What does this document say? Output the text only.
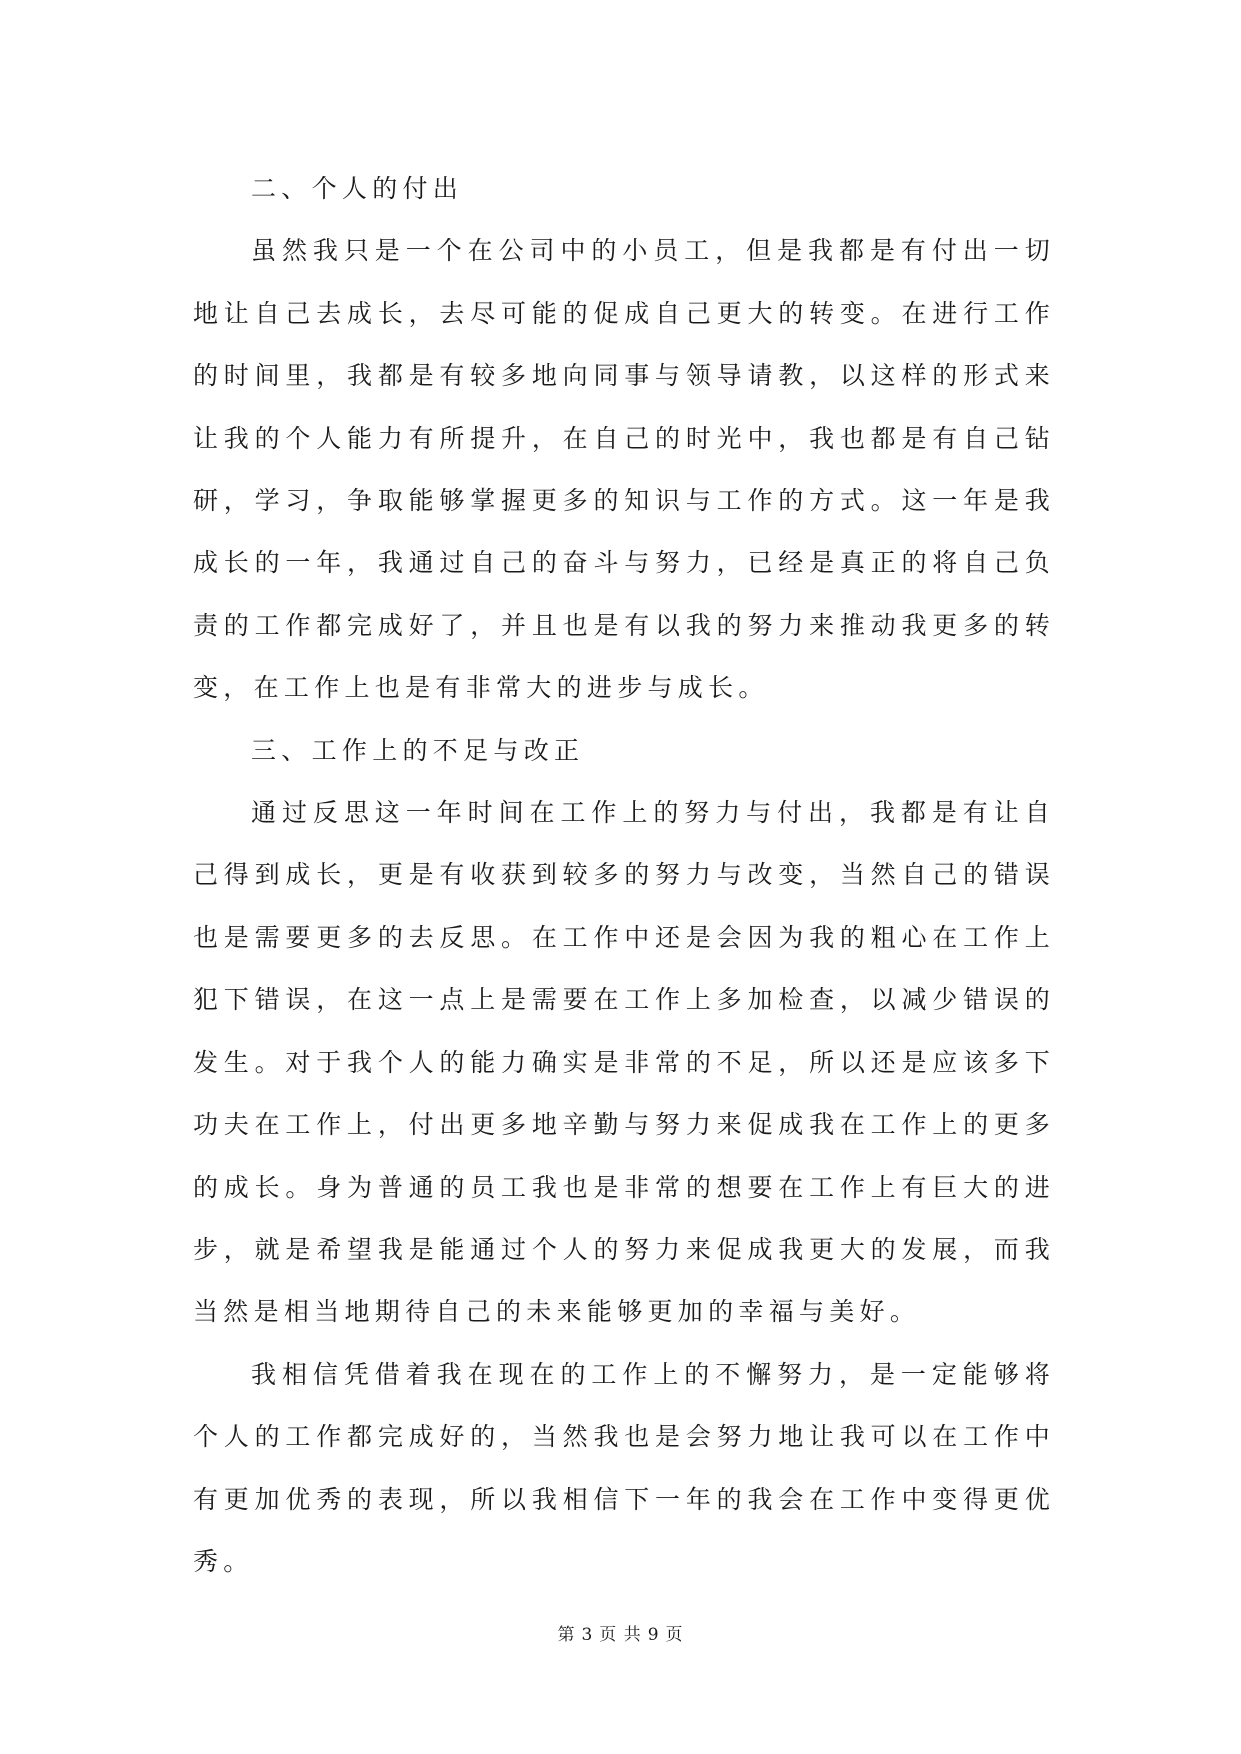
二、个人的付出

虽然我只是一个在公司中的小员工，但是我都是有付出一切地让自己去成长，去尽可能的促成自己更大的转变。在进行工作的时间里，我都是有较多地向同事与领导请教，以这样的形式来让我的个人能力有所提升，在自己的时光中，我也都是有自己钻研，学习，争取能够掌握更多的知识与工作的方式。这一年是我成长的一年，我通过自己的奋斗与努力，已经是真正的将自己负责的工作都完成好了，并且也是有以我的努力来推动我更多的转变，在工作上也是有非常大的进步与成长。

三、工作上的不足与改正

通过反思这一年时间在工作上的努力与付出，我都是有让自己得到成长，更是有收获到较多的努力与改变，当然自己的错误也是需要更多的去反思。在工作中还是会因为我的粗心在工作上犯下错误，在这一点上是需要在工作上多加检查，以减少错误的发生。对于我个人的能力确实是非常的不足，所以还是应该多下功夫在工作上，付出更多地辛勤与努力来促成我在工作上的更多的成长。身为普通的员工我也是非常的想要在工作上有巨大的进步，就是希望我是能通过个人的努力来促成我更大的发展，而我当然是相当地期待自己的未来能够更加的幸福与美好。

我相信凭借着我在现在的工作上的不懈努力，是一定能够将个人的工作都完成好的，当然我也是会努力地让我可以在工作中有更加优秀的表现，所以我相信下一年的我会在工作中变得更优秀。

第 3 页 共 9 页
